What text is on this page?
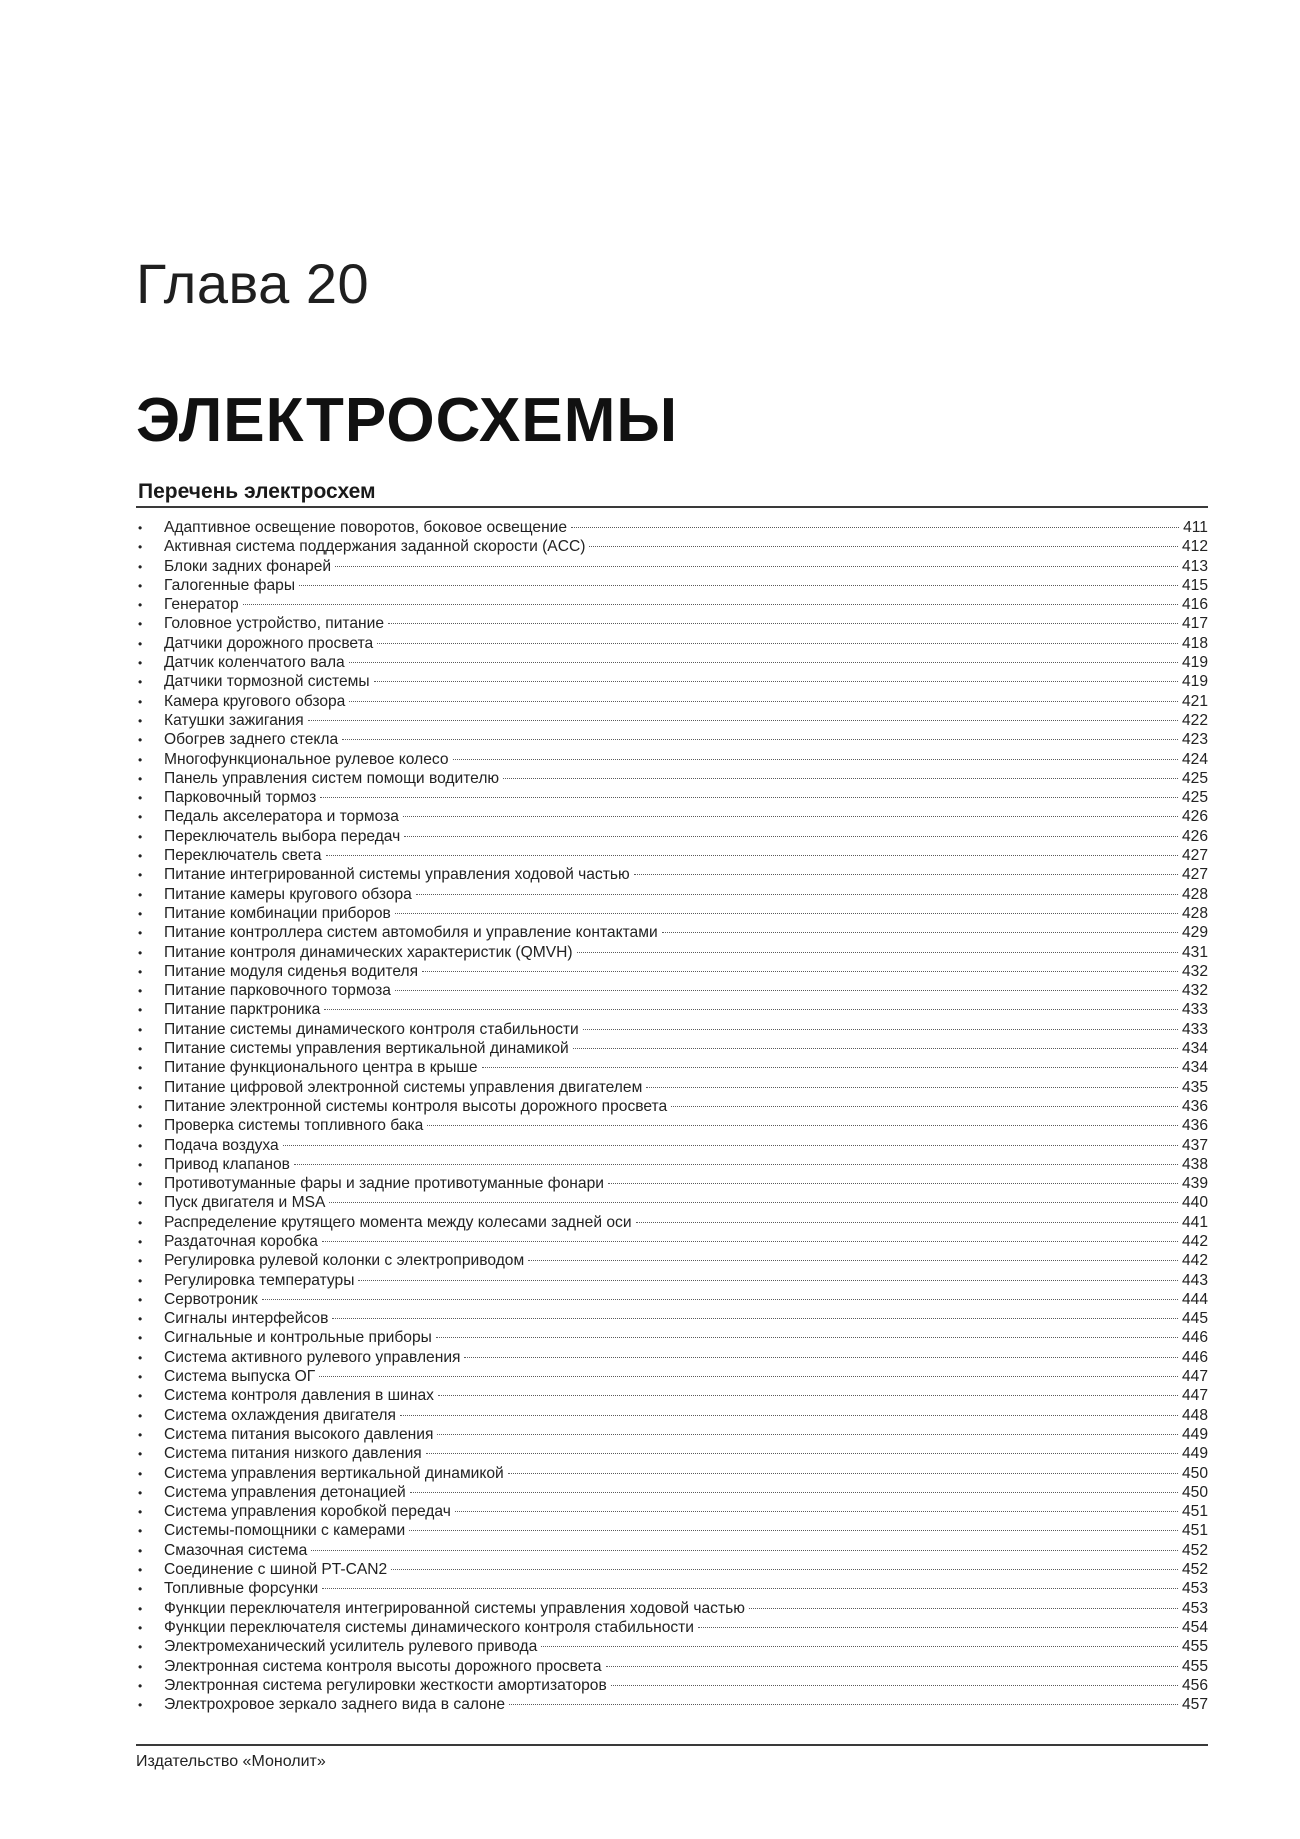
Глава 20
ЭЛЕКТРОСХЕМЫ
Перечень электросхем
•	Адаптивное освещение поворотов, боковое освещение	411
•	Активная система поддержания заданной скорости (ACC)	412
•	Блоки задних фонарей	413
•	Галогенные фары	415
•	Генератор	416
•	Головное устройство, питание	417
•	Датчики дорожного просвета	418
•	Датчик коленчатого вала	419
•	Датчики тормозной системы	419
•	Камера кругового обзора	421
•	Катушки зажигания	422
•	Обогрев заднего стекла	423
•	Многофункциональное рулевое колесо	424
•	Панель управления систем помощи водителю	425
•	Парковочный тормоз	425
•	Педаль акселератора и тормоза	426
•	Переключатель выбора передач	426
•	Переключатель света	427
•	Питание интегрированной системы управления ходовой частью	427
•	Питание камеры кругового обзора	428
•	Питание комбинации приборов	428
•	Питание контроллера систем автомобиля и управление контактами	429
•	Питание контроля динамических характеристик (QMVH)	431
•	Питание модуля сиденья водителя	432
•	Питание парковочного тормоза	432
•	Питание парктроника	433
•	Питание системы динамического контроля стабильности	433
•	Питание системы управления вертикальной динамикой	434
•	Питание функционального центра в крыше	434
•	Питание цифровой электронной системы управления двигателем	435
•	Питание электронной системы контроля высоты дорожного просвета	436
•	Проверка системы топливного бака	436
•	Подача воздуха	437
•	Привод клапанов	438
•	Противотуманные фары и задние противотуманные фонари	439
•	Пуск двигателя и MSA	440
•	Распределение крутящего момента между колесами задней оси	441
•	Раздаточная коробка	442
•	Регулировка рулевой колонки с электроприводом	442
•	Регулировка температуры	443
•	Сервотроник	444
•	Сигналы интерфейсов	445
•	Сигнальные и контрольные приборы	446
•	Система активного рулевого управления	446
•	Система выпуска ОГ	447
•	Система контроля давления в шинах	447
•	Система охлаждения двигателя	448
•	Система питания высокого давления	449
•	Система питания низкого давления	449
•	Система управления вертикальной динамикой	450
•	Система управления детонацией	450
•	Система управления коробкой передач	451
•	Системы-помощники с камерами	451
•	Смазочная система	452
•	Соединение с шиной PT-CAN2	452
•	Топливные форсунки	453
•	Функции переключателя интегрированной системы управления ходовой частью	453
•	Функции переключателя системы динамического контроля стабильности	454
•	Электромеханический усилитель рулевого привода	455
•	Электронная система контроля высоты дорожного просвета	455
•	Электронная система регулировки жесткости амортизаторов	456
•	Электрохровое зеркало заднего вида в салоне	457
Издательство «Монолит»
